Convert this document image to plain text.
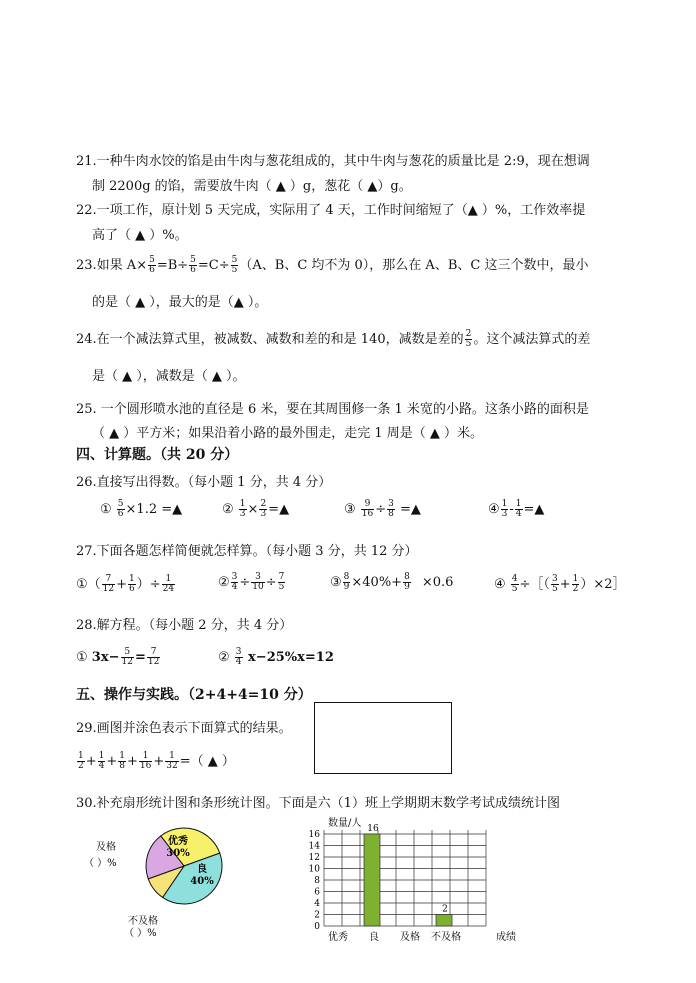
21.一种牛肉水饺的馅是由牛肉与葱花组成的，其中牛肉与葱花的质量比是 2:9，现在想调
制 2200g 的馅，需要放牛肉（ ▲ ）g，葱花（ ▲）g。
22.一项工作，原计划 5 天完成，实际用了 4 天，工作时间缩短了（▲ ）%，工作效率提
高了（ ▲ ）%。
23.如果 $A\times \frac{5}{6} =B\div \frac{5}{6} =C\div \frac{5}{5} (A$、B、C 均不为 0），那么在 A、B、C 这三个数中，最小
的是（ ▲ ），最大的是（▲ ）。
24.在一个减法算式里，被减数、减数和差的和是 140，减数是差的 $\frac{2}{5}$ 。这个减法算式的差
是（ ▲ ），减数是（ ▲ ）。
25. 一个圆形喷水池的直径是 6 米，要在其周围修一条 1 米宽的小路。这条小路的面积是
（ ▲ ）平方米；如果沿着小路的最外围走，走完 1 周是（ ▲ ）米。
四、计算题。（共 20 分）
26.直接写出得数。（每小题 1 分，共 4 分）
① $\frac{5}{6} \times 1.2$ =▲	② $\frac{1}{3} \times \frac{2}{3}$ =▲	③ $\frac{9}{16} \div \frac{3}{8}$ =▲	④ $\frac{1}{3} - \frac{1}{4}$ =▲
27.下面各题怎样简便就怎样算。（每小题 3 分，共 12 分）
①（ $\frac{7}{12} + \frac{1}{6}$ ）÷ $\frac{1}{24}$	② $\frac{3}{4} \div \frac{3}{10} \div \frac{7}{5}$	③ $\frac{8}{9} \times 40\%+ \frac{8}{9} \times 0.6$	④ $\frac{4}{5}$ ÷［（ $\frac{3}{5} + \frac{1}{2}$ ）×2］
28.解方程。（每小题 2 分，共 4 分）
① $3x- \frac{5}{12} = \frac{7}{12}$	② $\frac{3}{4} x-25\%x=12$
五、操作与实践。（2+4+4=10 分）
29.画图并涂色表示下面算式的结果。
$\frac{1}{2} + \frac{1}{4} + \frac{1}{8} + \frac{1}{16} + \frac{1}{32}$ =（ ▲ ）
30.补充扇形统计图和条形统计图。下面是六（1）班上学期期末数学考试成绩统计图
优秀
30%
良
40%
及格
（ ）%
不及格
（ ）%
0
2
4
6
8
10
12
14
16
数量/人
优秀 良
16
及格 不及格
2
成绩
